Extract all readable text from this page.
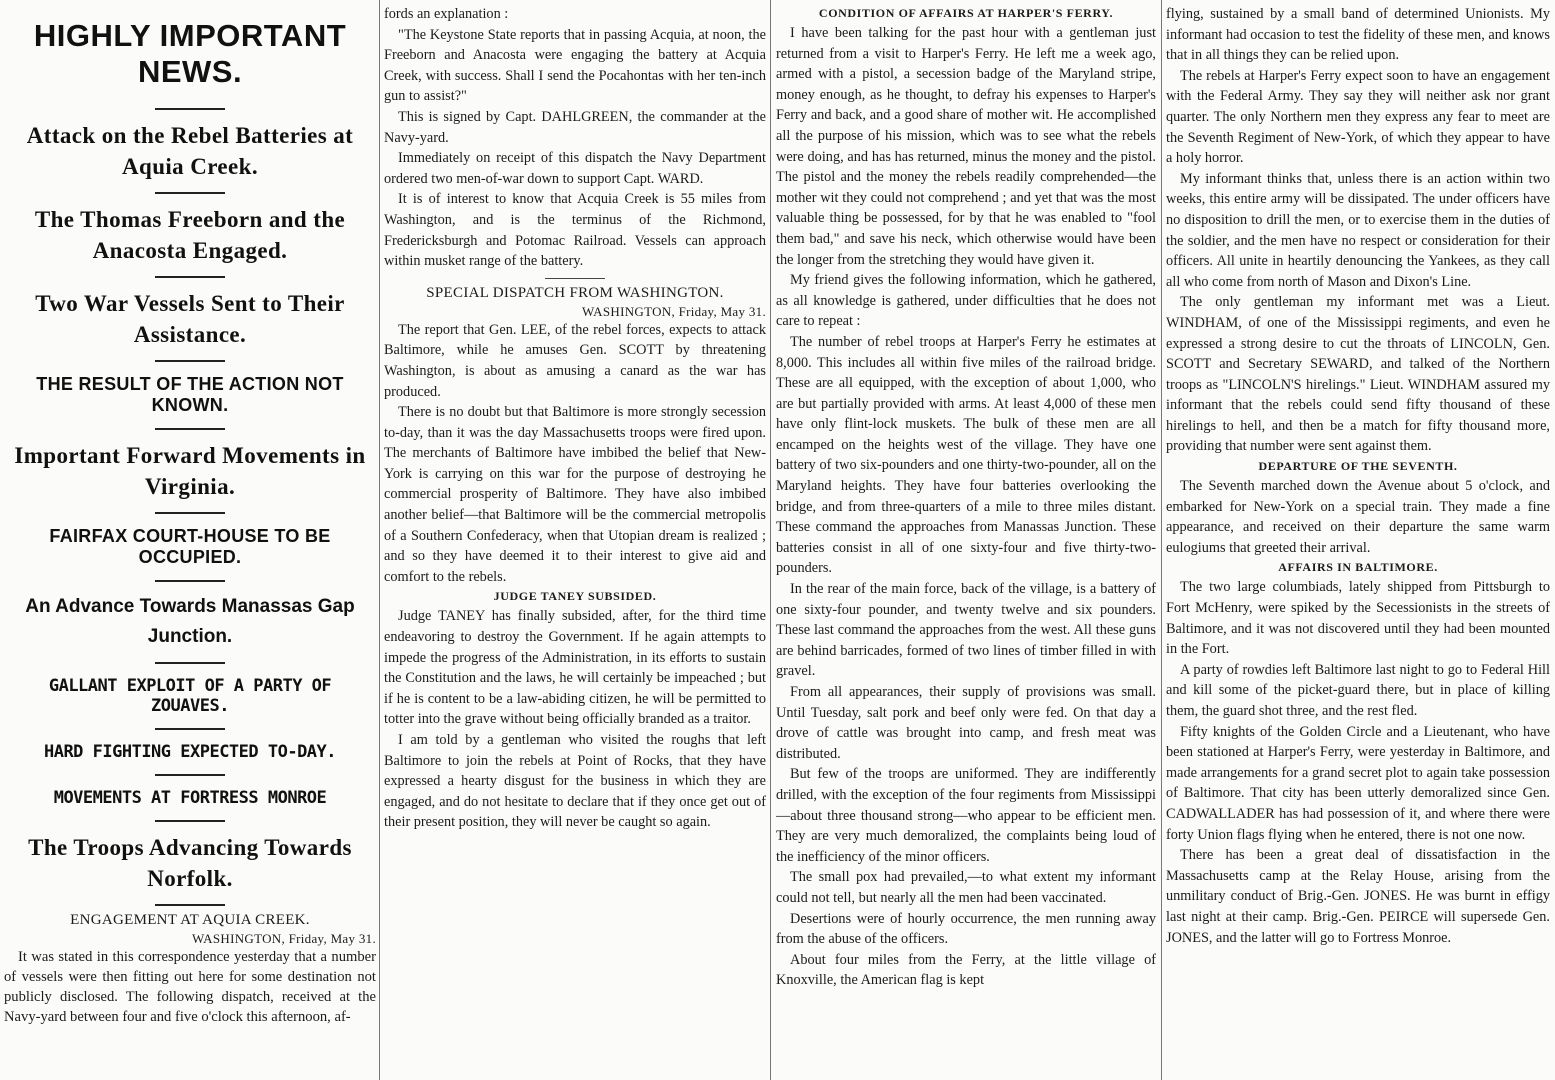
HIGHLY IMPORTANT NEWS.

Attack on the Rebel Batteries at Aquia Creek.

The Thomas Freeborn and the Anacosta Engaged.

Two War Vessels Sent to Their Assistance.

THE RESULT OF THE ACTION NOT KNOWN.

Important Forward Movements in Virginia.

FAIRFAX COURT-HOUSE TO BE OCCUPIED.

An Advance Towards Manassas Gap Junction.

GALLANT EXPLOIT OF A PARTY OF ZOUAVES.

HARD FIGHTING EXPECTED TO-DAY.

MOVEMENTS AT FORTRESS MONROE

The Troops Advancing Towards Norfolk.

ENGAGEMENT AT AQUIA CREEK.

WASHINGTON, Friday, May 31.

It was stated in this correspondence yesterday that a number of vessels were then fitting out here for some destination not publicly disclosed. The following dispatch, received at the Navy-yard between four and five o'clock this afternoon, af-

fords an explanation :

"The Keystone State reports that in passing Acquia, at noon, the Freeborn and Anacosta were engaging the battery at Acquia Creek, with success. Shall I send the Pocahontas with her ten-inch gun to assist?"

This is signed by Capt. DAHLGREEN, the commander at the Navy-yard.

Immediately on receipt of this dispatch the Navy Department ordered two men-of-war down to support Capt. WARD.

It is of interest to know that Acquia Creek is 55 miles from Washington, and is the terminus of the Richmond, Fredericksburgh and Potomac Railroad. Vessels can approach within musket range of the battery.

SPECIAL DISPATCH FROM WASHINGTON.

WASHINGTON, Friday, May 31.

The report that Gen. LEE, of the rebel forces, expects to attack Baltimore, while he amuses Gen. SCOTT by threatening Washington, is about as amusing a canard as the war has produced.

There is no doubt but that Baltimore is more strongly secession to-day, than it was the day Massachusetts troops were fired upon. The merchants of Baltimore have imbibed the belief that New-York is carrying on this war for the purpose of destroying he commercial prosperity of Baltimore. They have also imbibed another belief—that Baltimore will be the commercial metropolis of a Southern Confederacy, when that Utopian dream is realized ; and so they have deemed it to their interest to give aid and comfort to the rebels.

JUDGE TANEY SUBSIDED.

Judge TANEY has finally subsided, after, for the third time endeavoring to destroy the Government. If he again attempts to impede the progress of the Administration, in its efforts to sustain the Constitution and the laws, he will certainly be impeached ; but if he is content to be a law-abiding citizen, he will be permitted to totter into the grave without being officially branded as a traitor.

I am told by a gentleman who visited the roughs that left Baltimore to join the rebels at Point of Rocks, that they have expressed a hearty disgust for the business in which they are engaged, and do not hesitate to declare that if they once get out of their present position, they will never be caught so again.

CONDITION OF AFFAIRS AT HARPER'S FERRY.

I have been talking for the past hour with a gentleman just returned from a visit to Harper's Ferry. He left me a week ago, armed with a pistol, a secession badge of the Maryland stripe, money enough, as he thought, to defray his expenses to Harper's Ferry and back, and a good share of mother wit. He accomplished all the purpose of his mission, which was to see what the rebels were doing, and has has returned, minus the money and the pistol. The pistol and the money the rebels readily comprehended—the mother wit they could not comprehend ; and yet that was the most valuable thing be possessed, for by that he was enabled to "fool them bad," and save his neck, which otherwise would have been the longer from the stretching they would have given it.

My friend gives the following information, which he gathered, as all knowledge is gathered, under difficulties that he does not care to repeat :

The number of rebel troops at Harper's Ferry he estimates at 8,000. This includes all within five miles of the railroad bridge. These are all equipped, with the exception of about 1,000, who are but partially provided with arms. At least 4,000 of these men have only flint-lock muskets. The bulk of these men are all encamped on the heights west of the village. They have one battery of two six-pounders and one thirty-two-pounder, all on the Maryland heights. They have four batteries overlooking the bridge, and from three-quarters of a mile to three miles distant. These command the approaches from Manassas Junction. These batteries consist in all of one sixty-four and five thirty-two-pounders.

In the rear of the main force, back of the village, is a battery of one sixty-four pounder, and twenty twelve and six pounders. These last command the approaches from the west. All these guns are behind barricades, formed of two lines of timber filled in with gravel.

From all appearances, their supply of provisions was small. Until Tuesday, salt pork and beef only were fed. On that day a drove of cattle was brought into camp, and fresh meat was distributed.

But few of the troops are uniformed. They are indifferently drilled, with the exception of the four regiments from Mississippi—about three thousand strong—who appear to be efficient men. They are very much demoralized, the complaints being loud of the inefficiency of the minor officers.

The small pox had prevailed,—to what extent my informant could not tell, but nearly all the men had been vaccinated.

Desertions were of hourly occurrence, the men running away from the abuse of the officers.

About four miles from the Ferry, at the little village of Knoxville, the American flag is kept

flying, sustained by a small band of determined Unionists. My informant had occasion to test the fidelity of these men, and knows that in all things they can be relied upon.

The rebels at Harper's Ferry expect soon to have an engagement with the Federal Army. They say they will neither ask nor grant quarter. The only Northern men they express any fear to meet are the Seventh Regiment of New-York, of which they appear to have a holy horror.

My informant thinks that, unless there is an action within two weeks, this entire army will be dissipated. The under officers have no disposition to drill the men, or to exercise them in the duties of the soldier, and the men have no respect or consideration for their officers. All unite in heartily denouncing the Yankees, as they call all who come from north of Mason and Dixon's Line.

The only gentleman my informant met was a Lieut. WINDHAM, of one of the Mississippi regiments, and even he expressed a strong desire to cut the throats of LINCOLN, Gen. SCOTT and Secretary SEWARD, and talked of the Northern troops as "LINCOLN'S hirelings." Lieut. WINDHAM assured my informant that the rebels could send fifty thousand of these hirelings to hell, and then be a match for fifty thousand more, providing that number were sent against them.

DEPARTURE OF THE SEVENTH.

The Seventh marched down the Avenue about 5 o'clock, and embarked for New-York on a special train. They made a fine appearance, and received on their departure the same warm eulogiums that greeted their arrival.

AFFAIRS IN BALTIMORE.

The two large columbiads, lately shipped from Pittsburgh to Fort McHenry, were spiked by the Secessionists in the streets of Baltimore, and it was not discovered until they had been mounted in the Fort.

A party of rowdies left Baltimore last night to go to Federal Hill and kill some of the picket-guard there, but in place of killing them, the guard shot three, and the rest fled.

Fifty knights of the Golden Circle and a Lieutenant, who have been stationed at Harper's Ferry, were yesterday in Baltimore, and made arrangements for a grand secret plot to again take possession of Baltimore. That city has been utterly demoralized since Gen. CADWALLADER has had possession of it, and where there were forty Union flags flying when he entered, there is not one now.

There has been a great deal of dissatisfaction in the Massachusetts camp at the Relay House, arising from the unmilitary conduct of Brig.-Gen. JONES. He was burnt in effigy last night at their camp. Brig.-Gen. PEIRCE will supersede Gen. JONES, and the latter will go to Fortress Monroe.
